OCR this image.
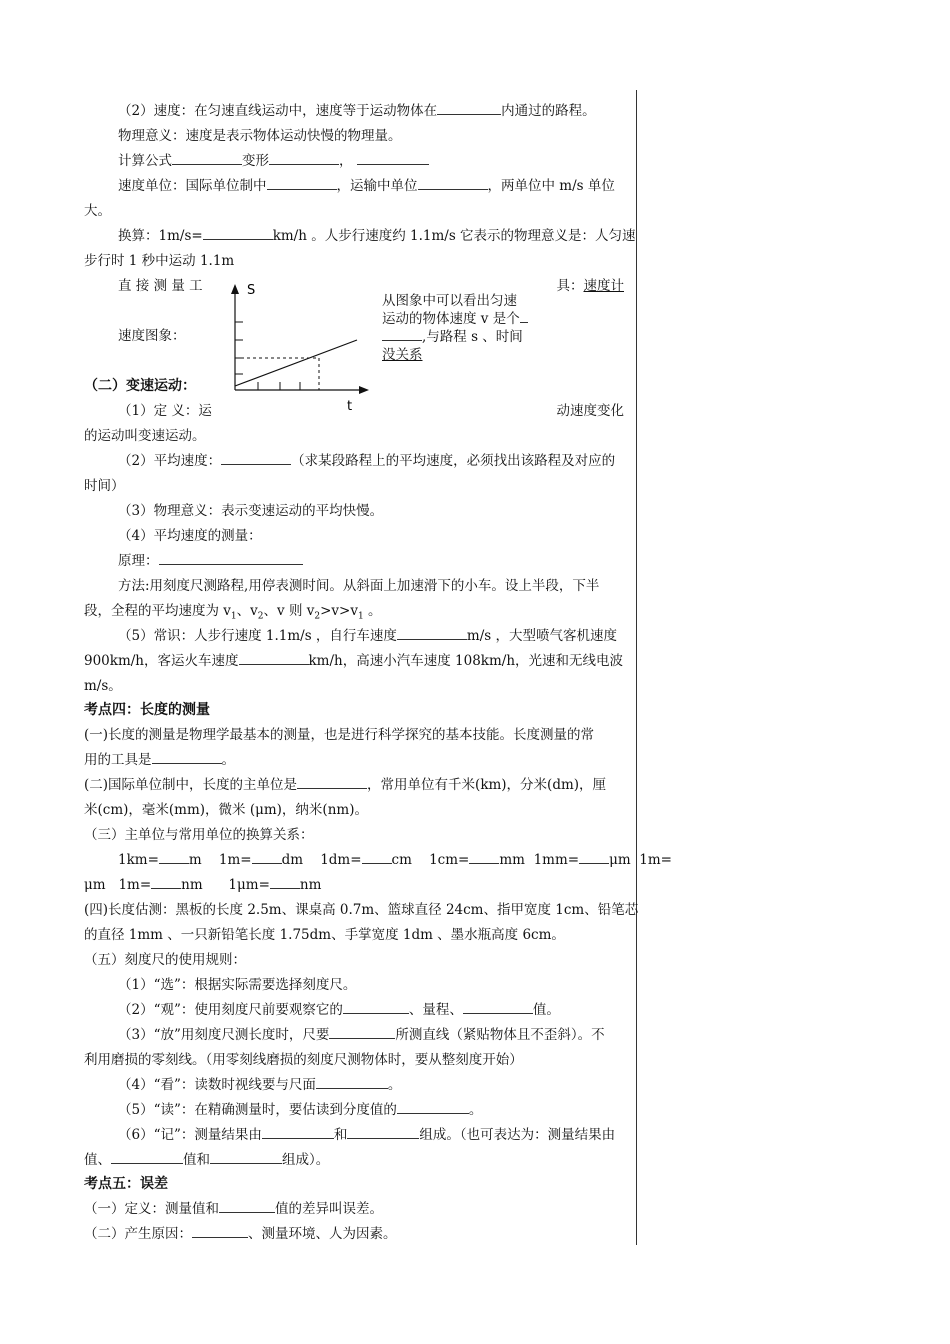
（2）速度：在匀速直线运动中，速度等于运动物体在	内通过的路程。
物理意义：速度是表示物体运动快慢的物理量。
计算公式	变形	，
速度单位：国际单位制中	，运输中单位	，两单位中 m/s 单位
大。
换算：1m/s=	km/h 。人步行速度约 1.1m/s 它表示的物理意义是：人匀速
步行时 1 秒中运动 1.1m
直 接 测 量 工	具：速度计
速度图象：
S
t
从图象中可以看出匀速
运动的物体速度 v 是个
,与路程 s 、时间
没关系
（二）变速运动：
（1）定 义：运	动速度变化
的运动叫变速运动。
（2）平均速度：	（求某段路程上的平均速度，必须找出该路程及对应的
时间）
（3）物理意义：表示变速运动的平均快慢。
（4）平均速度的测量：
原理：
方法:用刻度尺测路程,用停表测时间。从斜面上加速滑下的小车。设上半段，下半
段，全程的平均速度为 $v_1$、$v_2$、v 则 $v_2>v>v_1$ 。
（5）常识：人步行速度 1.1m/s ，自行车速度	m/s ，大型喷气客机速度
900km/h，客运火车速度	km/h，高速小汽车速度 108km/h，光速和无线电波
m/s。
考点四：长度的测量
(一)长度的测量是物理学最基本的测量，也是进行科学探究的基本技能。长度测量的常
用的工具是	。
(二)国际单位制中，长度的主单位是	，常用单位有千米(km)，分米(dm)，厘
米(cm)，毫米(mm)，微米 (μm)，纳米(nm)。
（三）主单位与常用单位的换算关系：
1km= m 1m= dm 1dm= cm 1cm= mm 1mm= μm 1m=
μm 1m= nm 1μm= nm
(四)长度估测：黑板的长度 2.5m、课桌高 0.7m、篮球直径 24cm、指甲宽度 1cm、铅笔芯
的直径 1mm 、一只新铅笔长度 1.75dm、手掌宽度 1dm 、墨水瓶高度 6cm。
（五）刻度尺的使用规则：
（1）“选”：根据实际需要选择刻度尺。
（2）“观”：使用刻度尺前要观察它的	、量程、	值。
（3）“放”用刻度尺测长度时，尺要	所测直线（紧贴物体且不歪斜）。不
利用磨损的零刻线。（用零刻线磨损的刻度尺测物体时，要从整刻度开始）
（4）“看”：读数时视线要与尺面	。
（5）“读”：在精确测量时，要估读到分度值的	。
（6）“记”：测量结果由	和	组成。（也可表达为：测量结果由
值、	值和	组成）。
考点五：误差
（一）定义：测量值和	值的差异叫误差。
（二）产生原因：	、测量环境、人为因素。
